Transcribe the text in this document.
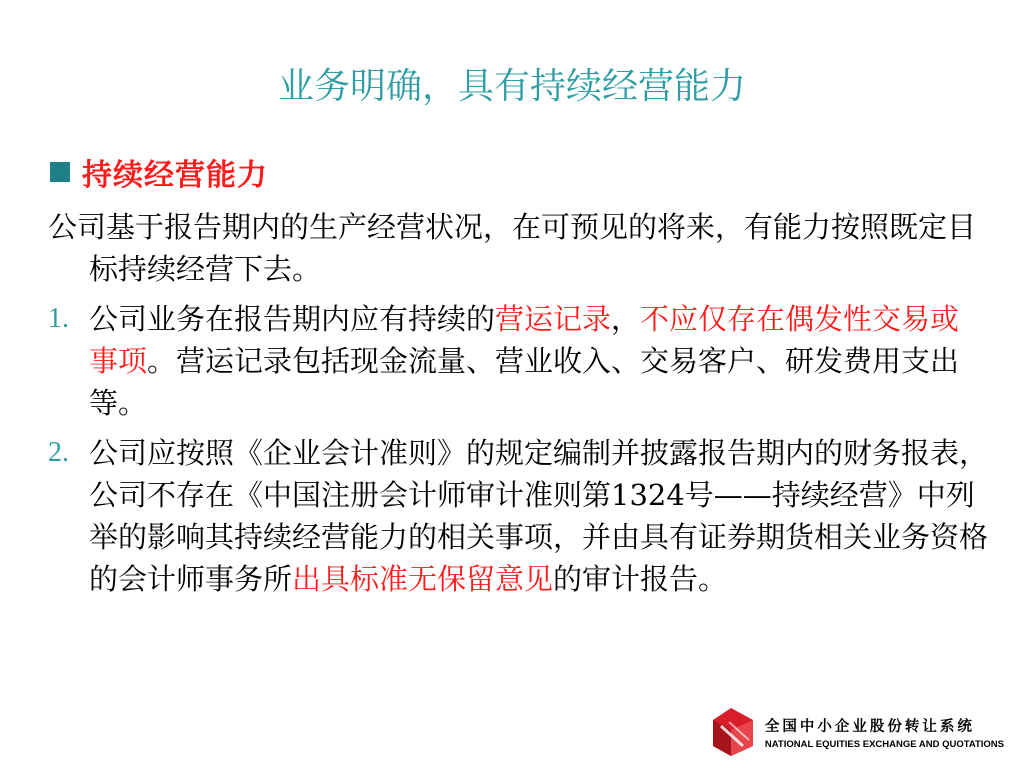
业务明确，具有持续经营能力
持续经营能力

公司基于报告期内的生产经营状况，在可预见的将来，有能力按照既定目标持续经营下去。

1. 公司业务在报告期内应有持续的营运记录，不应仅存在偶发性交易或事项。营运记录包括现金流量、营业收入、交易客户、研发费用支出等。
2. 公司应按照《企业会计准则》的规定编制并披露报告期内的财务报表，公司不存在《中国注册会计师审计准则第1324号——持续经营》中列举的影响其持续经营能力的相关事项，并由具有证券期货相关业务资格的会计师事务所出具标准无保留意见的审计报告。
全国中小企业股份转让系统
NATIONAL EQUITIES EXCHANGE AND QUOTATIONS
